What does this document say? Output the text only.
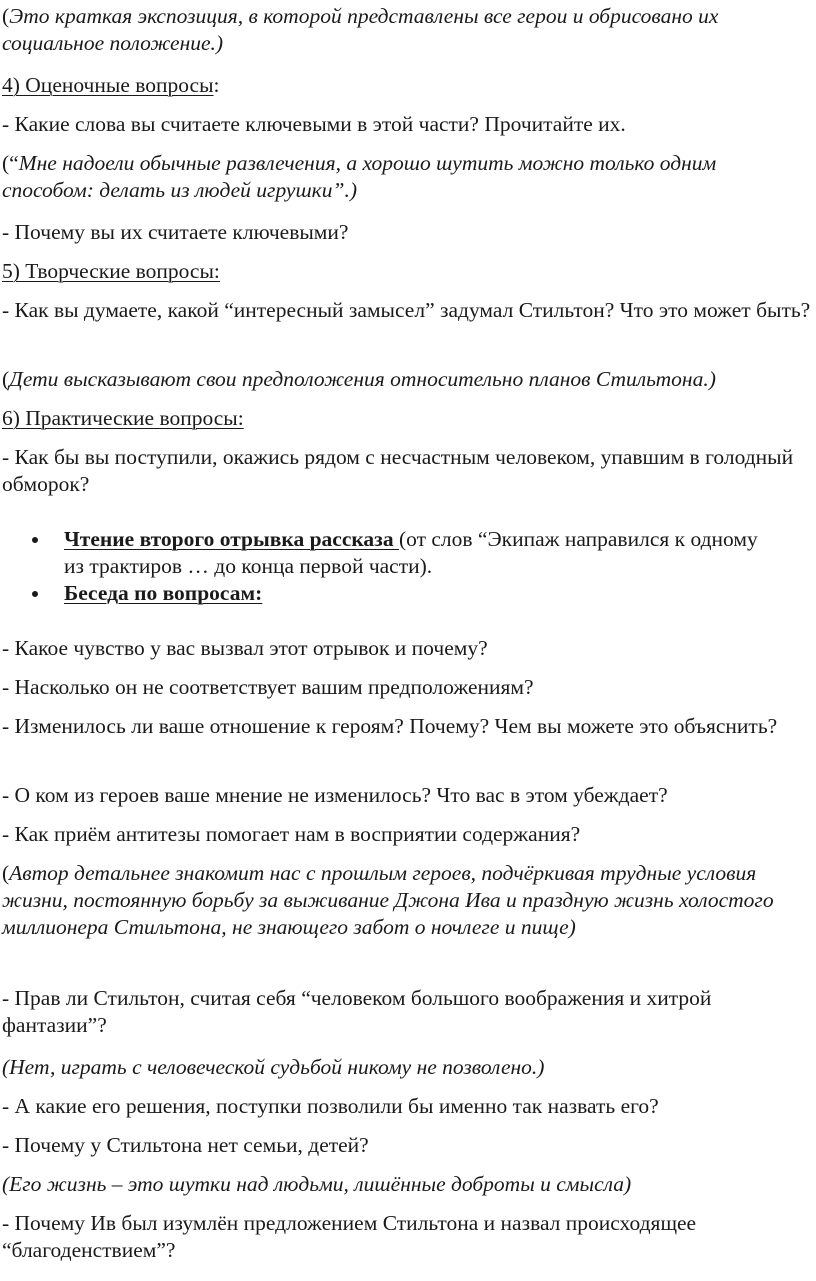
(Это краткая экспозиция, в которой представлены все герои и обрисовано их социальное положение.)

4) Оценочные вопросы:

- Какие слова вы считаете ключевыми в этой части? Прочитайте их.

(“Мне надоели обычные развлечения, а хорошо шутить можно только одним способом: делать из людей игрушки”.)

- Почему вы их считаете ключевыми?

5) Творческие вопросы:

- Как вы думаете, какой “интересный замысел” задумал Стильтон? Что это может быть?

(Дети высказывают свои предположения относительно планов Стильтона.)

6) Практические вопросы:

- Как бы вы поступили, окажись рядом с несчастным человеком, упавшим в голодный обморок?

Чтение второго отрывка рассказа (от слов “Экипаж направился к одному из трактиров … до конца первой части).
Беседа по вопросам:

- Какое чувство у вас вызвал этот отрывок и почему?

- Насколько он не соответствует вашим предположениям?

- Изменилось ли ваше отношение к героям? Почему? Чем вы можете это объяснить?

- О ком из героев ваше мнение не изменилось? Что вас в этом убеждает?

- Как приём антитезы помогает нам в восприятии содержания?

(Автор детальнее знакомит нас с прошлым героев, подчёркивая трудные условия жизни, постоянную борьбу за выживание Джона Ива и праздную жизнь холостого миллионера Стильтона, не знающего забот о ночлеге и пище)

- Прав ли Стильтон, считая себя “человеком большого воображения и хитрой фантазии”?

(Нет, играть с человеческой судьбой никому не позволено.)

- А какие его решения, поступки позволили бы именно так назвать его?

- Почему у Стильтона нет семьи, детей?

(Его жизнь – это шутки над людьми, лишённые доброты и смысла)

- Почему Ив был изумлён предложением Стильтона и назвал происходящее “благоденствием”?
